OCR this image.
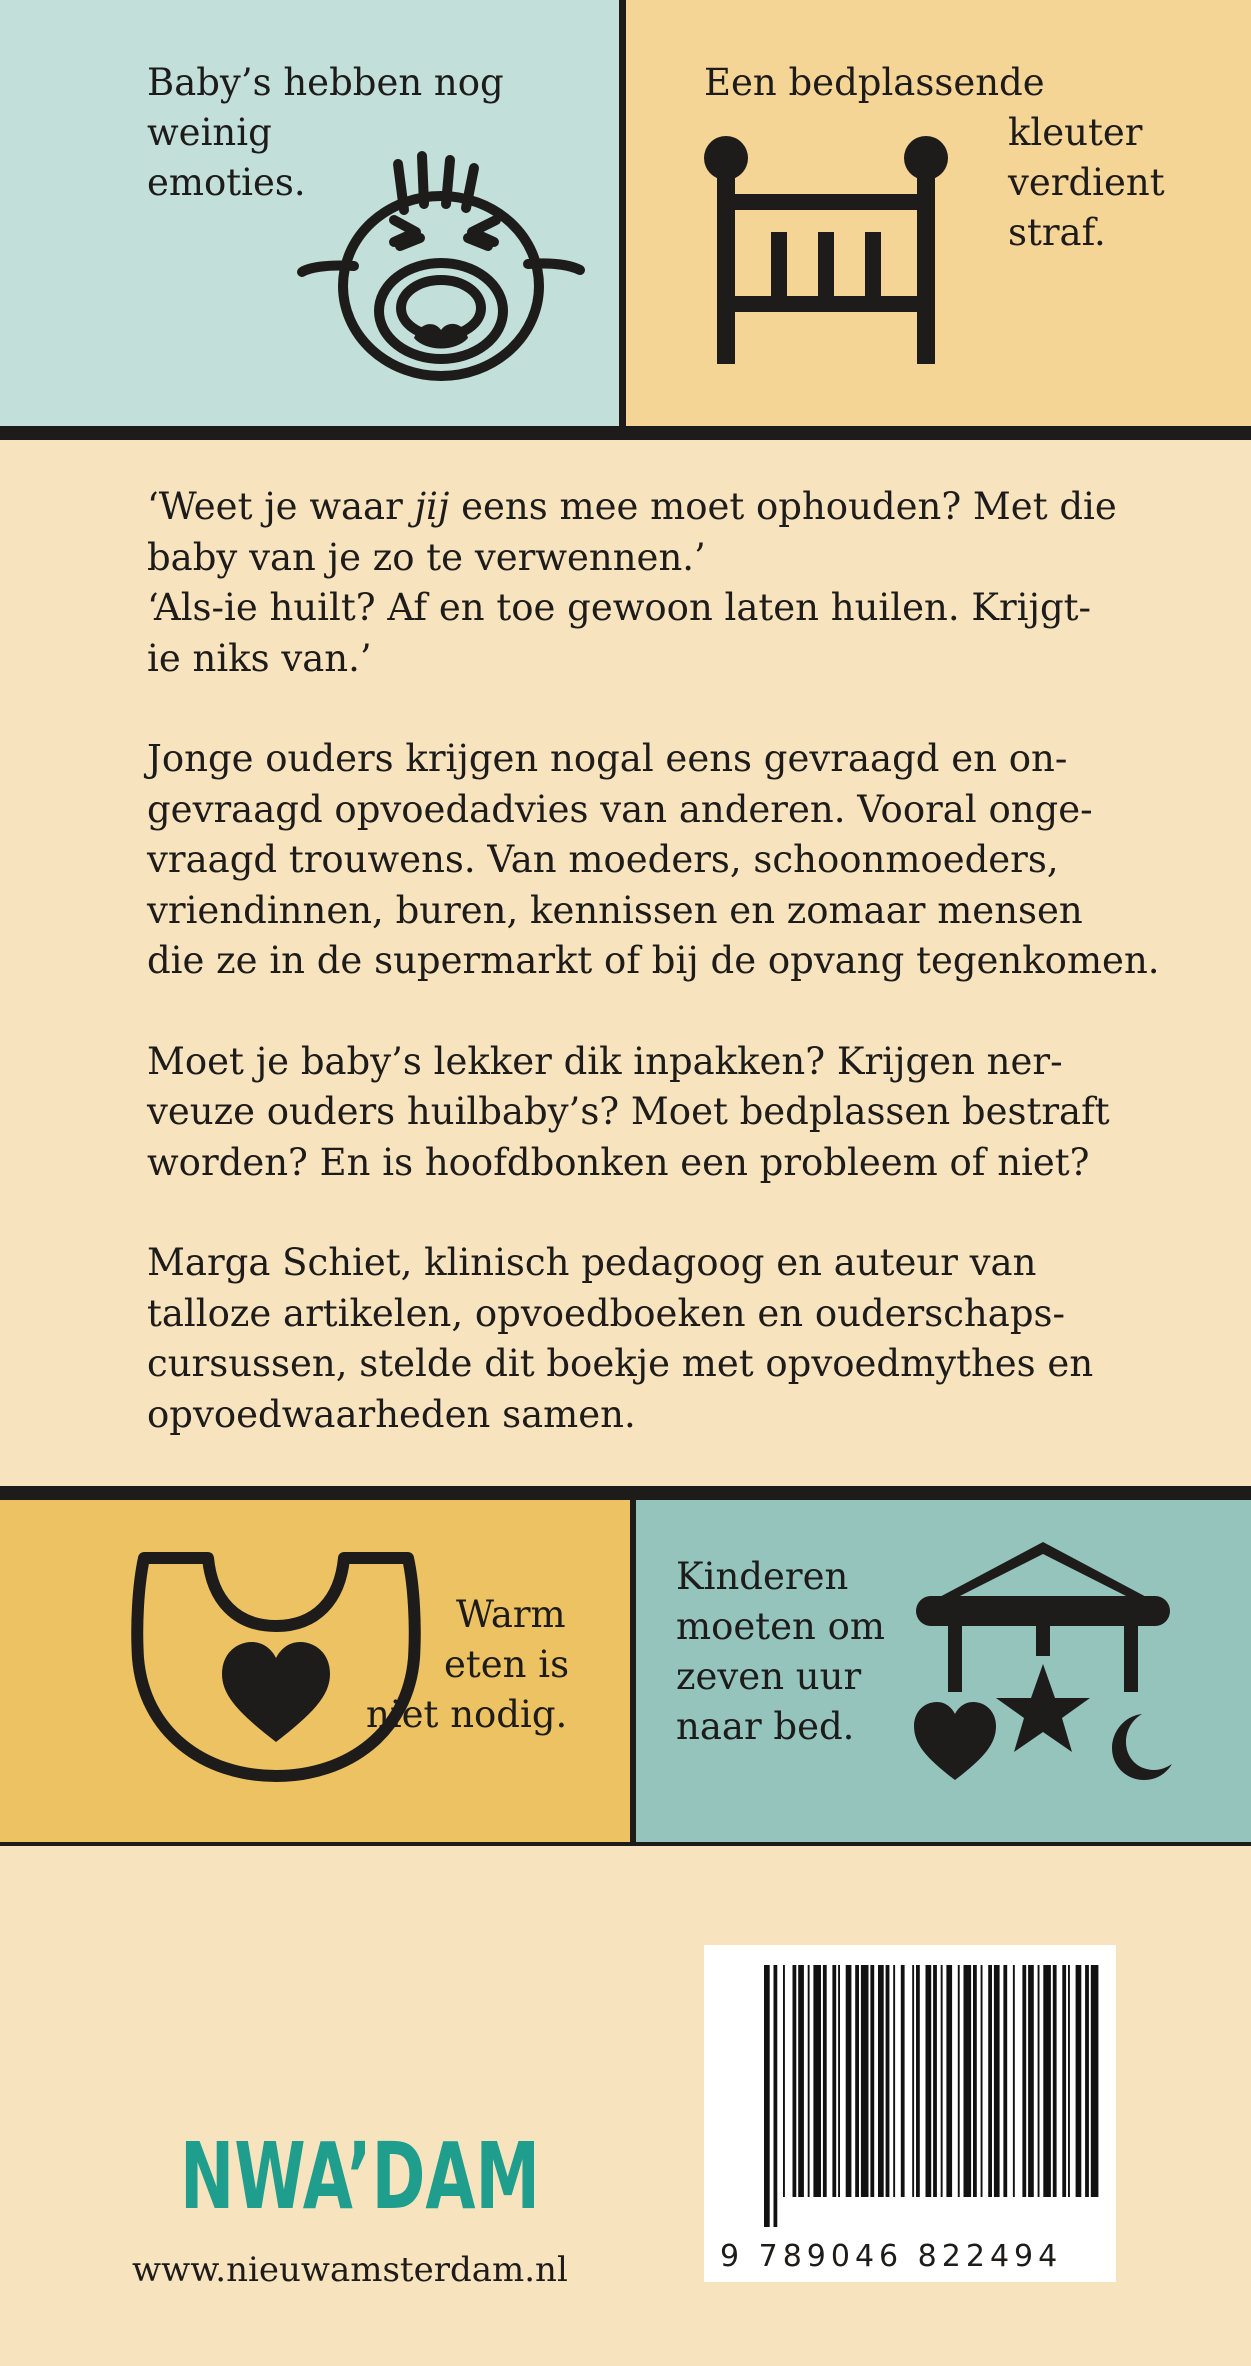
Baby’s hebben nog
weinig
emoties.
Een bedplassende
kleuter
verdient
straf.

‘Weet je waar jij eens mee moet ophouden? Met die
baby van je zo te verwennen.’
‘Als-ie huilt? Af en toe gewoon laten huilen. Krijgt-
ie niks van.’

Jonge ouders krijgen nogal eens gevraagd en on-
gevraagd opvoedadvies van anderen. Vooral onge-
vraagd trouwens. Van moeders, schoonmoeders,
vriendinnen, buren, kennissen en zomaar mensen
die ze in de supermarkt of bij de opvang tegenkomen.

Moet je baby’s lekker dik inpakken? Krijgen ner-
veuze ouders huilbaby’s? Moet bedplassen bestraft
worden? En is hoofdbonken een probleem of niet?

Marga Schiet, klinisch pedagoog en auteur van
talloze artikelen, opvoedboeken en ouderschaps-
cursussen, stelde dit boekje met opvoedmythes en
opvoedwaarheden samen.

Warm
eten is
niet nodig.
Kinderen
moeten om
zeven uur
naar bed.
NWA’DAM
www.nieuwamsterdam.nl	9 789046 822494
